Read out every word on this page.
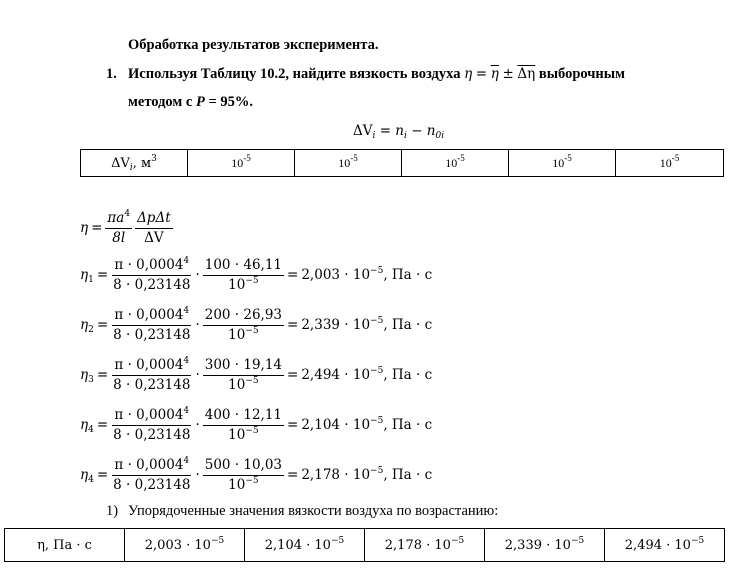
Обработка результатов эксперимента.
1. Используя Таблицу 10.2, найдите вязкость воздуха $\eta = \overline{\eta} \pm \overline{\Delta\eta}$ выборочным
методом с P = 95%.
$\Delta V_i = n_i - n_{0i}$
$\Delta V_i$, $м^3$	$10^{-5}$	$10^{-5}$	$10^{-5}$	$10^{-5}$	$10^{-5}$
$\eta = \frac{\pi a^4}{8l} \frac{\text{ΔpΔt}}{\Delta V}$
$\eta_1 = \frac{\pi \cdot 0,0004^4}{8 \cdot 0,23148} \cdot \frac{100 \cdot 46,11}{10^{-5}} = 2,003 \cdot 10^{-5}$, Па · с
$\eta_2 = \frac{\pi \cdot 0,0004^4}{8 \cdot 0,23148} \cdot \frac{200 \cdot 26,93}{10^{-5}} = 2,339 \cdot 10^{-5}$, Па · с
$\eta_3 = \frac{\pi \cdot 0,0004^4}{8 \cdot 0,23148} \cdot \frac{300 \cdot 19,14}{10^{-5}} = 2,494 \cdot 10^{-5}$, Па · с
$\eta_4 = \frac{\pi \cdot 0,0004^4}{8 \cdot 0,23148} \cdot \frac{400 \cdot 12,11}{10^{-5}} = 2,104 \cdot 10^{-5}$, Па · с
$\eta_4 = \frac{\pi \cdot 0,0004^4}{8 \cdot 0,23148} \cdot \frac{500 \cdot 10,03}{10^{-5}} = 2,178 \cdot 10^{-5}$, Па · с
1) Упорядоченные значения вязкости воздуха по возрастанию:
η, Па · с	$2,003 \cdot 10^{-5}$	$2,104 \cdot 10^{-5}$	$2,178 \cdot 10^{-5}$	$2,339 \cdot 10^{-5}$	$2,494 \cdot 10^{-5}$
